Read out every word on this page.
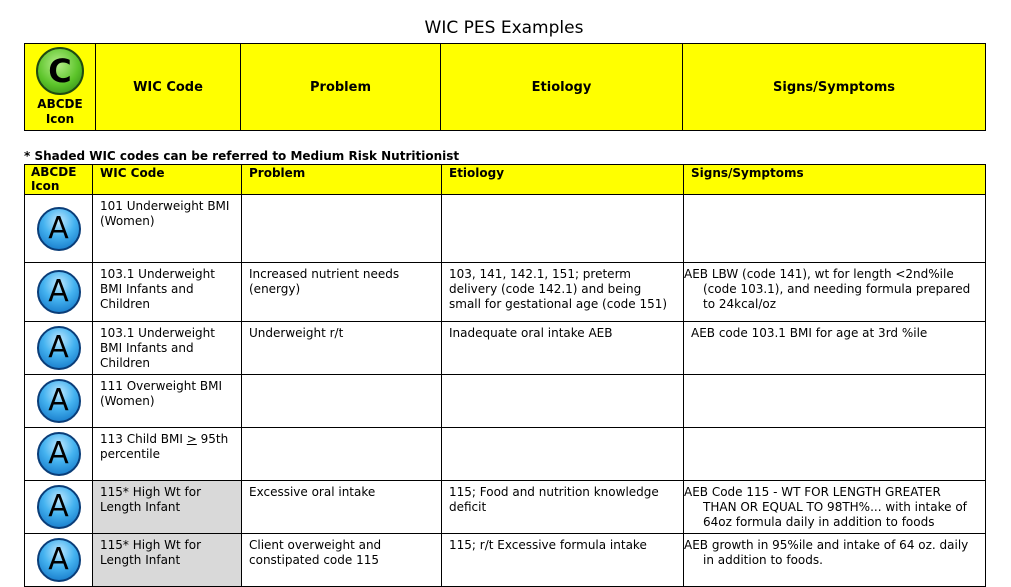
WIC PES Examples
C
ABCDE
Icon
	WIC Code	Problem	Etiology	Signs/Symptoms
* Shaded WIC codes can be referred to Medium Risk Nutritionist
ABCDE
Icon	WIC Code	Problem	Etiology	Signs/Symptoms
A	101 Underweight BMI (Women)			
A	103.1 Underweight BMI Infants and Children	Increased nutrient needs (energy)	103, 141, 142.1, 151; preterm delivery (code 142.1) and being small for gestational age (code 151)	AEB LBW (code 141), wt for length <2nd%ile (code 103.1), and needing formula prepared to 24kcal/oz
A	103.1 Underweight BMI Infants and Children	Underweight r/t	Inadequate oral intake AEB	AEB code 103.1 BMI for age at 3rd %ile
A	111 Overweight BMI (Women)			
A	113 Child BMI > 95th percentile			
A	115* High Wt for Length Infant	Excessive oral intake	115; Food and nutrition knowledge deficit	AEB Code 115 - WT FOR LENGTH GREATER THAN OR EQUAL TO 98TH%... with intake of 64oz formula daily in addition to foods
A	115* High Wt for Length Infant	Client overweight and constipated code 115	115; r/t Excessive formula intake	AEB growth in 95%ile and intake of 64 oz. daily in addition to foods.
